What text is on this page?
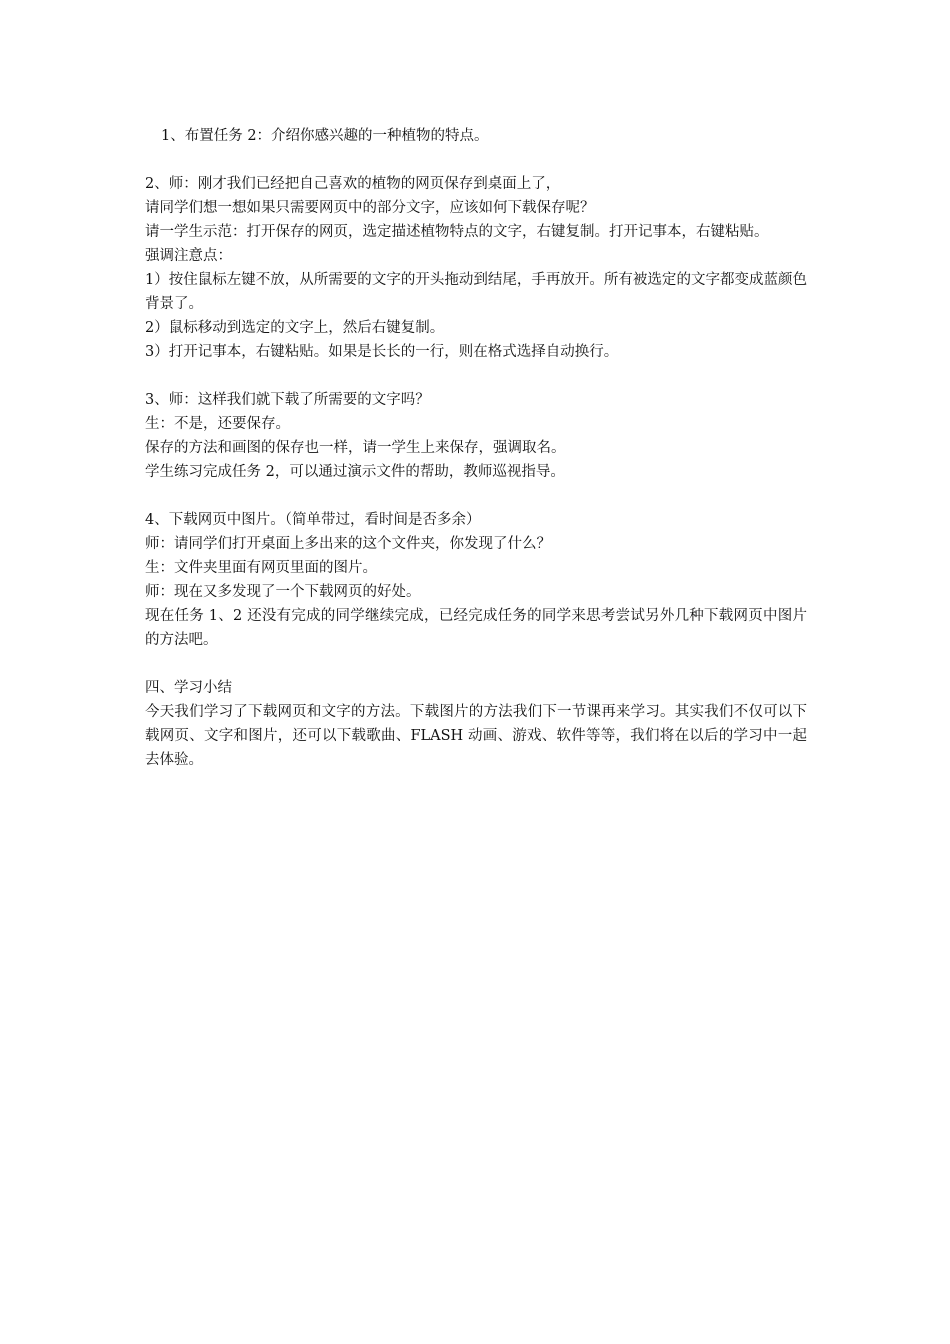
1、布置任务 2：介绍你感兴趣的一种植物的特点。
2、师：刚才我们已经把自己喜欢的植物的网页保存到桌面上了，
请同学们想一想如果只需要网页中的部分文字，应该如何下载保存呢？
请一学生示范：打开保存的网页，选定描述植物特点的文字，右键复制。打开记事本，右键粘贴。
强调注意点：
1）按住鼠标左键不放，从所需要的文字的开头拖动到结尾，手再放开。所有被选定的文字都变成蓝颜色背景了。
2）鼠标移动到选定的文字上，然后右键复制。
3）打开记事本，右键粘贴。如果是长长的一行，则在格式选择自动换行。
3、师：这样我们就下载了所需要的文字吗？
生：不是，还要保存。
保存的方法和画图的保存也一样，请一学生上来保存，强调取名。
学生练习完成任务 2，可以通过演示文件的帮助，教师巡视指导。
4、下载网页中图片。（简单带过，看时间是否多余）
师：请同学们打开桌面上多出来的这个文件夹，你发现了什么？
生：文件夹里面有网页里面的图片。
师：现在又多发现了一个下载网页的好处。
现在任务 1、2 还没有完成的同学继续完成，已经完成任务的同学来思考尝试另外几种下载网页中图片的方法吧。
四、学习小结
今天我们学习了下载网页和文字的方法。下载图片的方法我们下一节课再来学习。其实我们不仅可以下载网页、文字和图片，还可以下载歌曲、FLASH 动画、游戏、软件等等，我们将在以后的学习中一起去体验。
